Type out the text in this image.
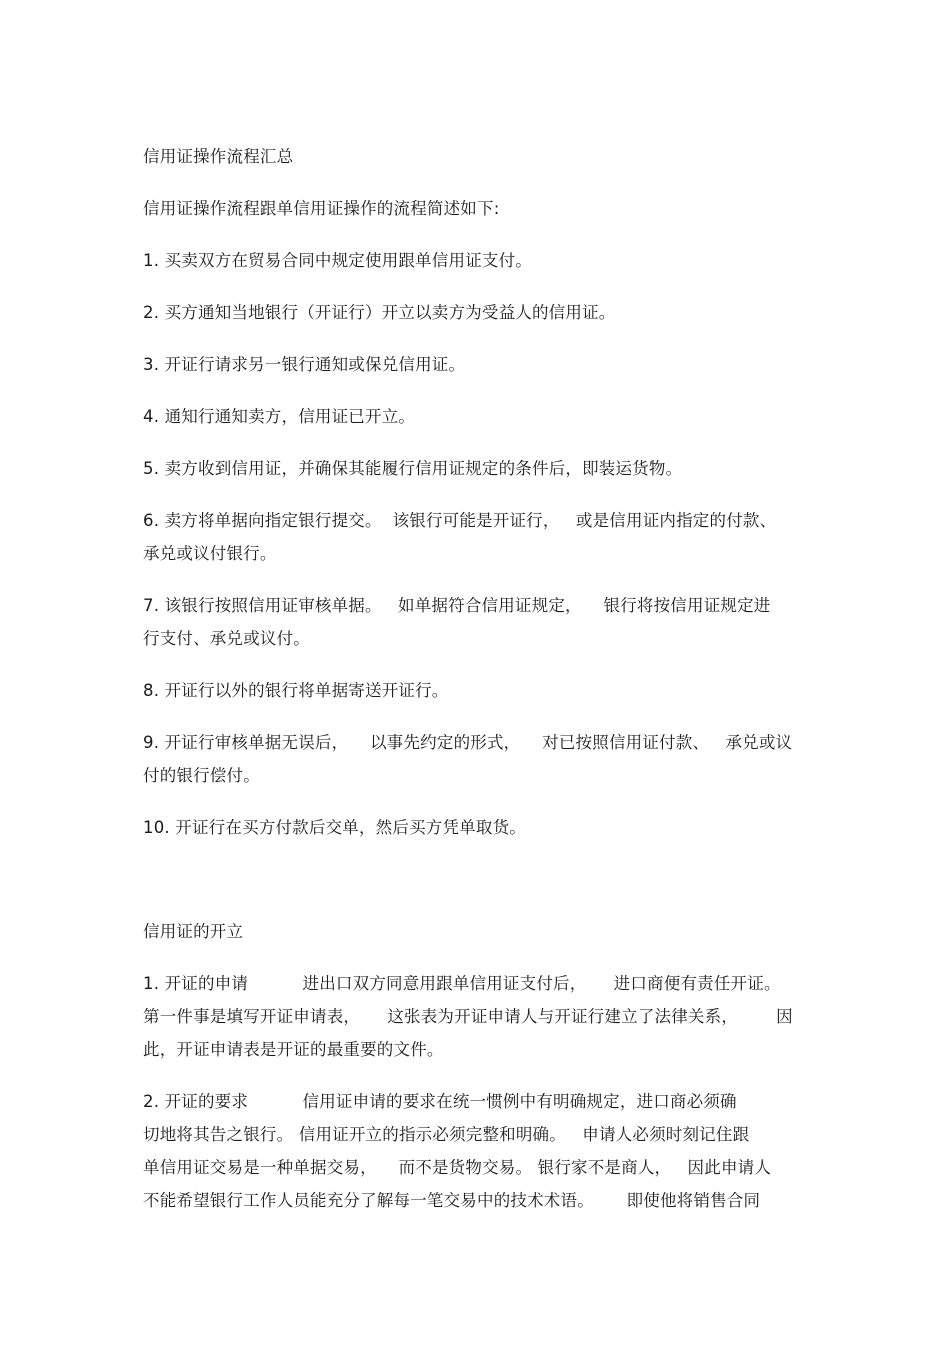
信用证操作流程汇总
信用证操作流程跟单信用证操作的流程简述如下:
1. 买卖双方在贸易合同中规定使用跟单信用证支付。
2. 买方通知当地银行（开证行）开立以卖方为受益人的信用证。
3. 开证行请求另一银行通知或保兑信用证。
4. 通知行通知卖方，信用证已开立。
5. 卖方收到信用证，并确保其能履行信用证规定的条件后，即装运货物。
6. 卖方将单据向指定银行提交。  该银行可能是开证行，   或是信用证内指定的付款、
承兑或议付银行。
7. 该银行按照信用证审核单据。   如单据符合信用证规定，    银行将按信用证规定进
行支付、承兑或议付。
8. 开证行以外的银行将单据寄送开证行。
9. 开证行审核单据无误后，    以事先约定的形式，    对已按照信用证付款、   承兑或议
付的银行偿付。
10. 开证行在买方付款后交单，然后买方凭单取货。
信用证的开立
1. 开证的申请          进出口双方同意用跟单信用证支付后，     进口商便有责任开证。
第一件事是填写开证申请表，     这张表为开证申请人与开证行建立了法律关系，       因
此，开证申请表是开证的最重要的文件。
2. 开证的要求          信用证申请的要求在统一惯例中有明确规定，进口商必须确
切地将其告之银行。 信用证开立的指示必须完整和明确。   申请人必须时刻记住跟
单信用证交易是一种单据交易，    而不是货物交易。 银行家不是商人，   因此申请人
不能希望银行工作人员能充分了解每一笔交易中的技术术语。      即使他将销售合同
